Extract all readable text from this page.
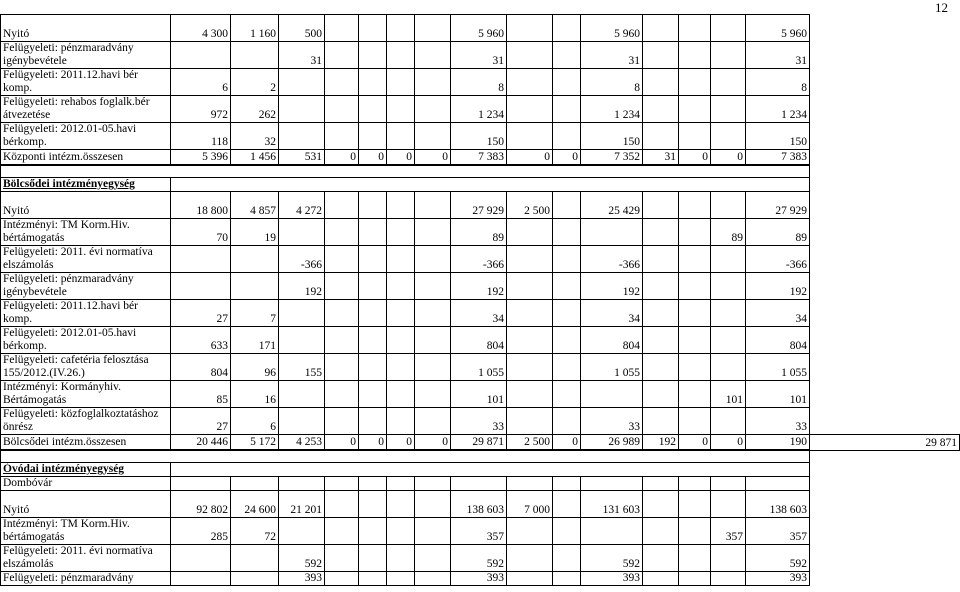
12
Nyitó	4 300	1 160	500					5 960			5 960				5 960	
Felügyeleti: pénzmaradvány igénybevétele			31					31			31				31	
Felügyeleti: 2011.12.havi bér komp.	6	2						8			8				8	
Felügyeleti: rehabos foglalk.bér átvezetése	972	262						1 234			1 234				1 234	
Felügyeleti: 2012.01-05.havi bérkomp.	118	32						150			150				150	
Központi intézm.összesen	5 396	1 456	531	0	0	0	0	7 383	0	0	7 352	31	0	0	7 383	

Bölcsődei intézményegység																
Nyitó	18 800	4 857	4 272					27 929	2 500		25 429				27 929	
Intézményi: TM Korm.Hiv. bértámogatás	70	19						89						89	89	
Felügyeleti: 2011. évi normatíva elszámolás			-366					-366			-366				-366	
Felügyeleti: pénzmaradvány igénybevétele			192					192			192				192	
Felügyeleti: 2011.12.havi bér komp.	27	7						34			34				34	
Felügyeleti: 2012.01-05.havi bérkomp.	633	171						804			804				804	
Felügyeleti: cafetéria felosztása 155/2012.(IV.26.)	804	96	155					1 055			1 055				1 055	
Intézményi: Kormányhiv. Bértámogatás	85	16						101						101	101	
Felügyeleti: közfoglalkoztatáshoz önrész	27	6						33			33				33	
Bölcsődei intézm.összesen	20 446	5 172	4 253	0	0	0	0	29 871	2 500	0	26 989	192	0	0	190	29 871

Óvódai intézményegység																
Dombóvár																
Nyitó	92 802	24 600	21 201					138 603	7 000		131 603				138 603	
Intézményi: TM Korm.Hiv. bértámogatás	285	72						357						357	357	
Felügyeleti: 2011. évi normatíva elszámolás			592					592			592				592	
Felügyeleti: pénzmaradvány			393					393			393				393	
